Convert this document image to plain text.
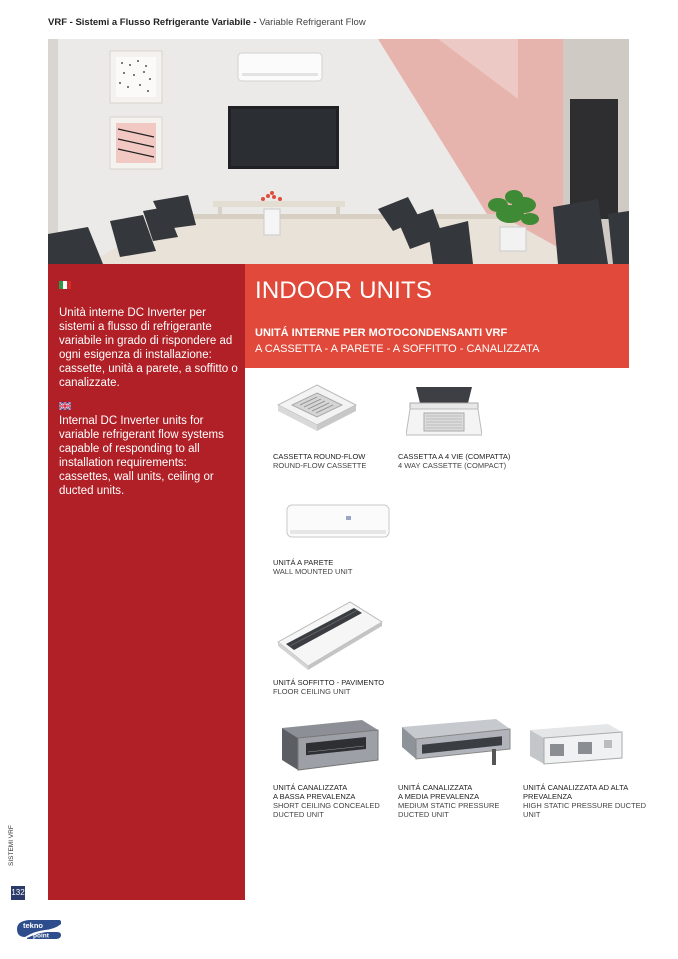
VRF - Sistemi a Flusso Refrigerante Variabile - Variable Refrigerant Flow
Unità interne DC Inverter per sistemi a flusso di refrigerante variabile in grado di rispondere ad ogni esigenza di installazione: cassette, unità a parete, a soffitto o canalizzate.
Internal DC Inverter units for variable refrigerant flow systems capable of responding to all installation requirements: cassettes, wall units, ceiling or ducted units.
INDOOR UNITS
UNITÁ INTERNE PER MOTOCONDENSANTI VRF
A CASSETTA - A PARETE - A SOFFITTO - CANALIZZATA
CASSETTA ROUND-FLOW
ROUND-FLOW CASSETTE
CASSETTA A 4 VIE (COMPATTA)
4 WAY CASSETTE (COMPACT)
UNITÁ A PARETE
WALL MOUNTED UNIT
UNITÁ SOFFITTO - PAVIMENTO
FLOOR CEILING UNIT
UNITÁ CANALIZZATA
A BASSA PREVALENZA
SHORT CEILING CONCEALED
DUCTED UNIT
UNITÁ CANALIZZATA
A MEDIA PREVALENZA
MEDIUM STATIC PRESSURE
DUCTED UNIT
UNITÁ CANALIZZATA AD ALTA
PREVALENZA
HIGH STATIC PRESSURE DUCTED
UNIT
SISTEMI VRF
132
tekno
point
